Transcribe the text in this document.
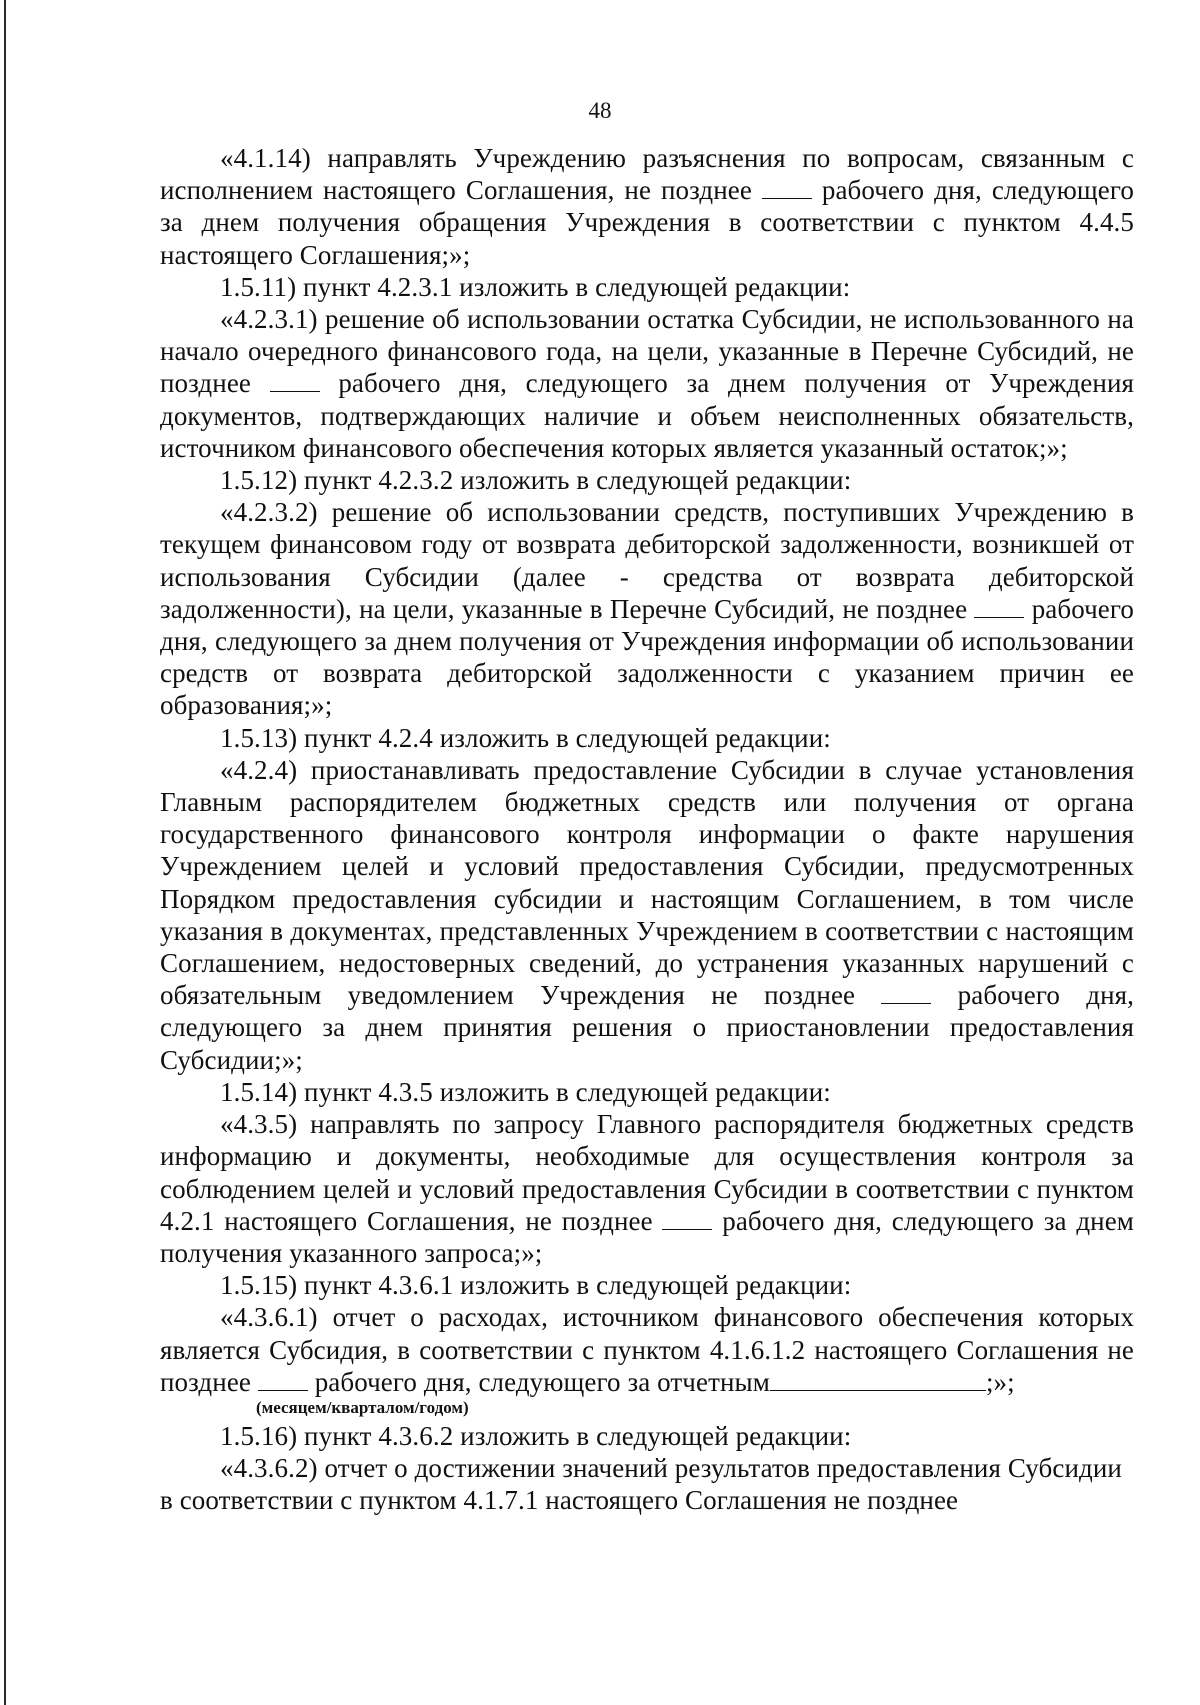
48

«4.1.14) направлять Учреждению разъяснения по вопросам, связанным с исполнением настоящего Соглашения, не позднее	рабочего дня, следующего за днем получения обращения Учреждения в соответствии с пунктом 4.4.5 настоящего Соглашения;»;

1.5.11) пункт 4.2.3.1 изложить в следующей редакции:

«4.2.3.1) решение об использовании остатка Субсидии, не использованного на начало очередного финансового года, на цели, указанные в Перечне Субсидий, не позднее	рабочего дня, следующего за днем получения от Учреждения документов, подтверждающих наличие и объем неисполненных обязательств, источником финансового обеспечения которых является указанный остаток;»;

1.5.12) пункт 4.2.3.2 изложить в следующей редакции:

«4.2.3.2) решение об использовании средств, поступивших Учреждению в текущем финансовом году от возврата дебиторской задолженности, возникшей от использования Субсидии (далее - средства от возврата дебиторской задолженности), на цели, указанные в Перечне Субсидий, не позднее рабочего дня, следующего за днем получения от Учреждения информации об использовании средств от возврата дебиторской задолженности с указанием причин ее образования;»;

1.5.13) пункт 4.2.4 изложить в следующей редакции:

«4.2.4) приостанавливать предоставление Субсидии в случае установления Главным распорядителем бюджетных средств или получения от органа государственного финансового контроля информации о факте нарушения Учреждением целей и условий предоставления Субсидии, предусмотренных Порядком предоставления субсидии и настоящим Соглашением, в том числе указания в документах, представленных Учреждением в соответствии с настоящим Соглашением, недостоверных сведений, до устранения указанных нарушений с обязательным уведомлением Учреждения не позднее	рабочего дня, следующего за днем принятия решения о приостановлении предоставления Субсидии;»;

1.5.14) пункт 4.3.5 изложить в следующей редакции:

«4.3.5) направлять по запросу Главного распорядителя бюджетных средств информацию и документы, необходимые для осуществления контроля за соблюдением целей и условий предоставления Субсидии в соответствии с пунктом 4.2.1 настоящего Соглашения, не позднее	рабочего дня, следующего за днем получения указанного запроса;»;

1.5.15) пункт 4.3.6.1 изложить в следующей редакции:

«4.3.6.1) отчет о расходах, источником финансового обеспечения которых является Субсидия, в соответствии с пунктом 4.1.6.1.2 настоящего Соглашения не позднее рабочего дня, следующего за отчетным	;»;

(месяцем/кварталом/годом)

1.5.16) пункт 4.3.6.2 изложить в следующей редакции:

«4.3.6.2) отчет о достижении значений результатов предоставления Субсидии в соответствии с пунктом 4.1.7.1 настоящего Соглашения не позднее
